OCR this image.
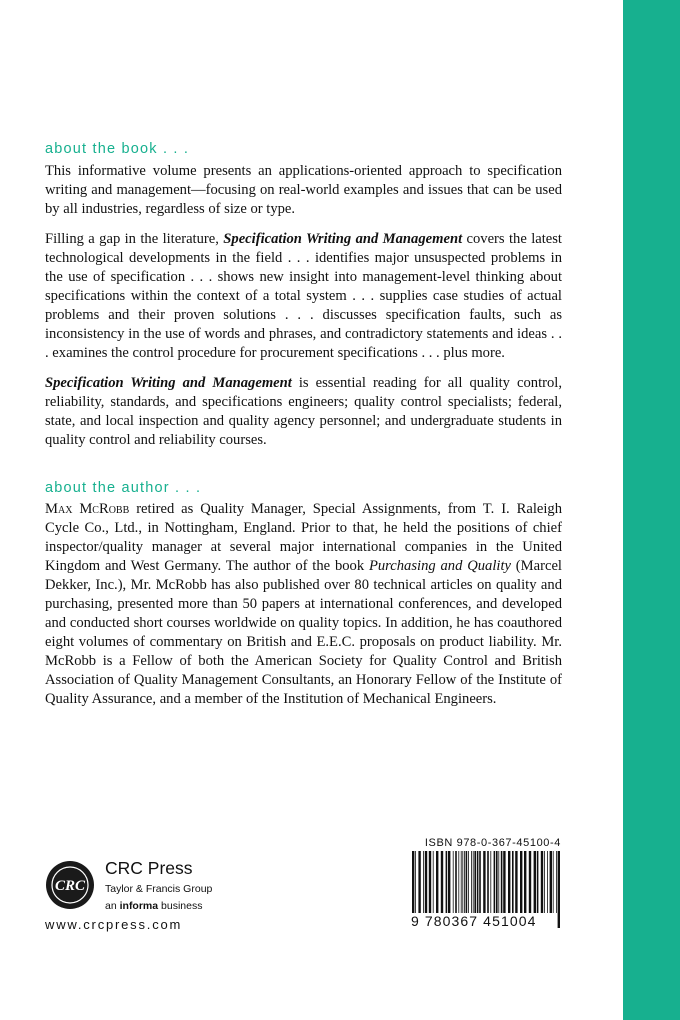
about the book . . .

This informative volume presents an applications-oriented approach to specification writing and management—focusing on real-world examples and issues that can be used by all industries, regardless of size or type.

Filling a gap in the literature, Specification Writing and Management covers the latest technological developments in the field . . . identifies major unsuspected problems in the use of specification . . . shows new insight into management-level thinking about specifications within the context of a total system . . . supplies case studies of actual problems and their proven solutions . . . discusses specification faults, such as inconsistency in the use of words and phrases, and contradictory statements and ideas . . . examines the control procedure for procurement specifications . . . plus more.

Specification Writing and Management is essential reading for all quality control, reliability, standards, and specifications engineers; quality control specialists; federal, state, and local inspection and quality agency personnel; and undergraduate students in quality control and reliability courses.

about the author . . .

Max McRobb retired as Quality Manager, Special Assignments, from T. I. Raleigh Cycle Co., Ltd., in Nottingham, England. Prior to that, he held the positions of chief inspector/quality manager at several major international companies in the United Kingdom and West Germany. The author of the book Purchasing and Quality (Marcel Dekker, Inc.), Mr. McRobb has also published over 80 technical articles on quality and purchasing, presented more than 50 papers at international conferences, and developed and conducted short courses worldwide on quality topics. In addition, he has coauthored eight volumes of commentary on British and E.E.C. proposals on product liability. Mr. McRobb is a Fellow of both the American Society for Quality Control and British Association of Quality Management Consultants, an Honorary Fellow of the Institute of Quality Assurance, and a member of the Institution of Mechanical Engineers.

ISBN 978-0-367-45100-4
9 780367 451004
CRC
CRC Press
Taylor & Francis Group
an informa business
www.crcpress.com
